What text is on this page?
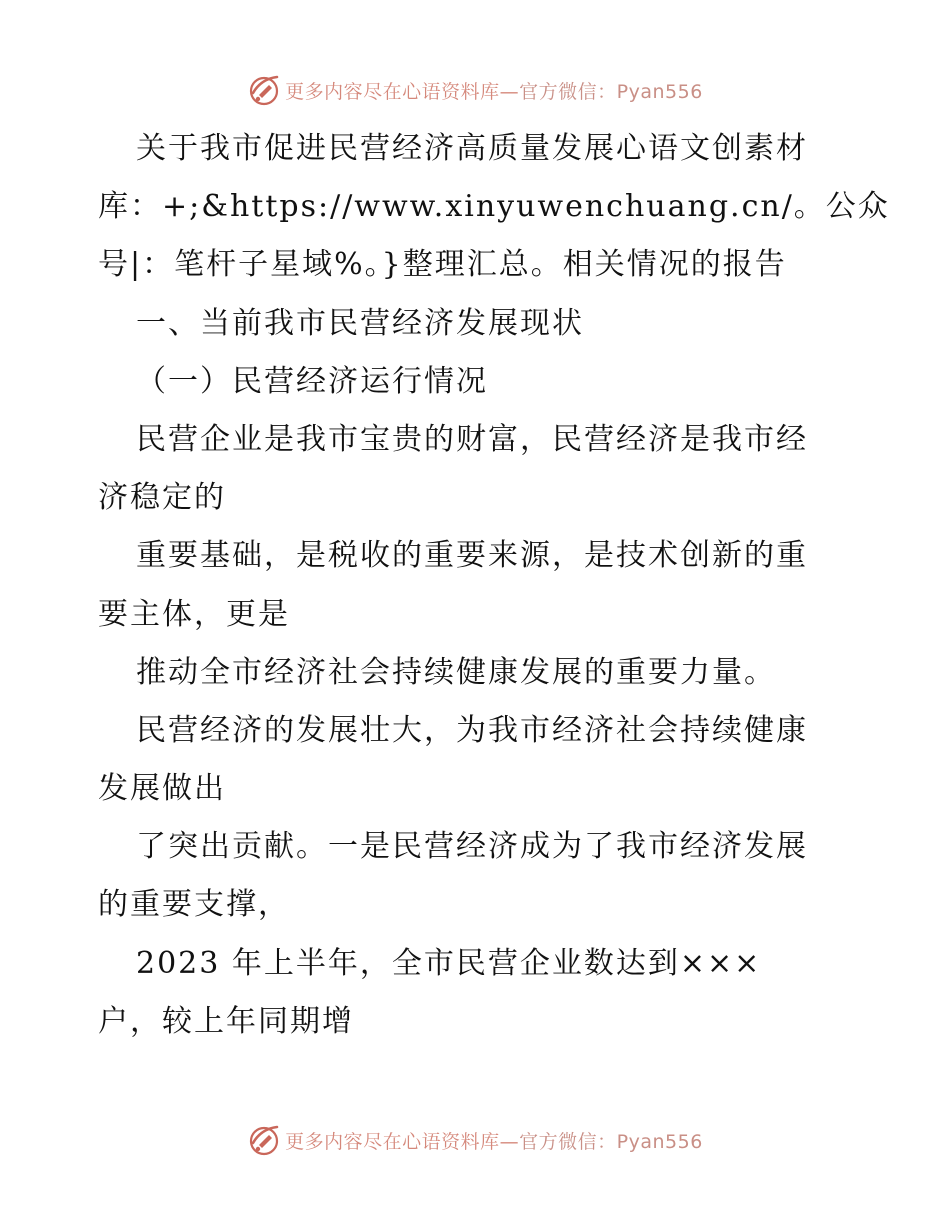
更多内容尽在心语资料库—官方微信：Pyan556
关于我市促进民营经济高质量发展心语文创素材
库：+;&https://www.xinyuwenchuang.cn/。公众
号|：笔杆子星域%。}整理汇总。相关情况的报告
一、当前我市民营经济发展现状
（一）民营经济运行情况
民营企业是我市宝贵的财富，民营经济是我市经
济稳定的
重要基础，是税收的重要来源，是技术创新的重
要主体，更是
推动全市经济社会持续健康发展的重要力量。
民营经济的发展壮大，为我市经济社会持续健康
发展做出
了突出贡献。一是民营经济成为了我市经济发展
的重要支撑，
2023 年上半年，全市民营企业数达到×××
户，较上年同期增
更多内容尽在心语资料库—官方微信：Pyan556
